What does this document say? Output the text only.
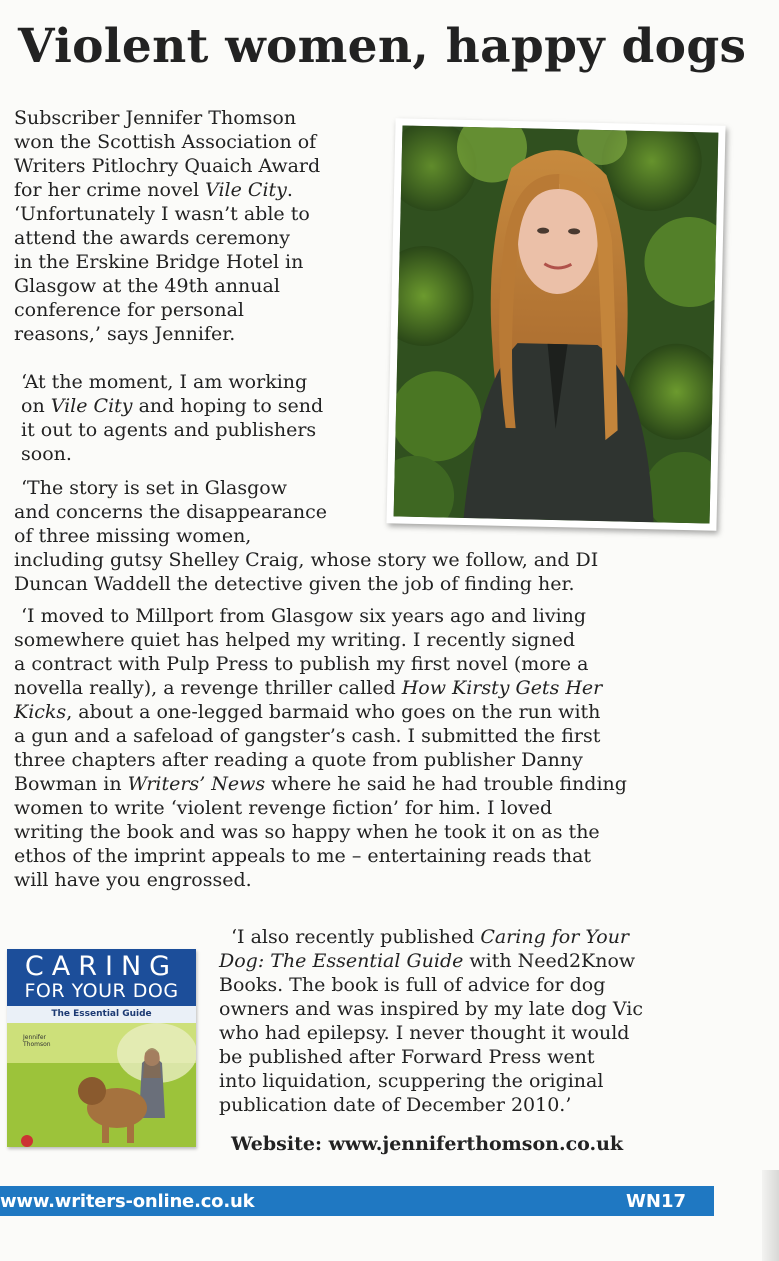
Violent women, happy dogs

Subscriber Jennifer Thomson
won the Scottish Association of
Writers Pitlochry Quaich Award
for her crime novel Vile City.
‘Unfortunately I wasn’t able to
attend the awards ceremony
in the Erskine Bridge Hotel in
Glasgow at the 49th annual
conference for personal
reasons,’ says Jennifer.

‘At the moment, I am working
on Vile City and hoping to send
it out to agents and publishers
soon.

‘The story is set in Glasgow
and concerns the disappearance
of three missing women,
including gutsy Shelley Craig, whose story we follow, and DI
Duncan Waddell the detective given the job of finding her.

‘I moved to Millport from Glasgow six years ago and living
somewhere quiet has helped my writing. I recently signed
a contract with Pulp Press to publish my first novel (more a
novella really), a revenge thriller called How Kirsty Gets Her
Kicks, about a one-legged barmaid who goes on the run with
a gun and a safeload of gangster’s cash. I submitted the first
three chapters after reading a quote from publisher Danny
Bowman in Writers’ News where he said he had trouble finding
women to write ‘violent revenge fiction’ for him. I loved
writing the book and was so happy when he took it on as the
ethos of the imprint appeals to me – entertaining reads that
will have you engrossed.

‘I also recently published Caring for Your
Dog: The Essential Guide with Need2Know
Books. The book is full of advice for dog
owners and was inspired by my late dog Vic
who had epilepsy. I never thought it would
be published after Forward Press went
into liquidation, scuppering the original
publication date of December 2010.’

Website: www.jenniferthomson.co.uk

CARING
FOR YOUR DOG
The Essential Guide
Jennifer Thomson
www.writers-online.co.uk	WN17
